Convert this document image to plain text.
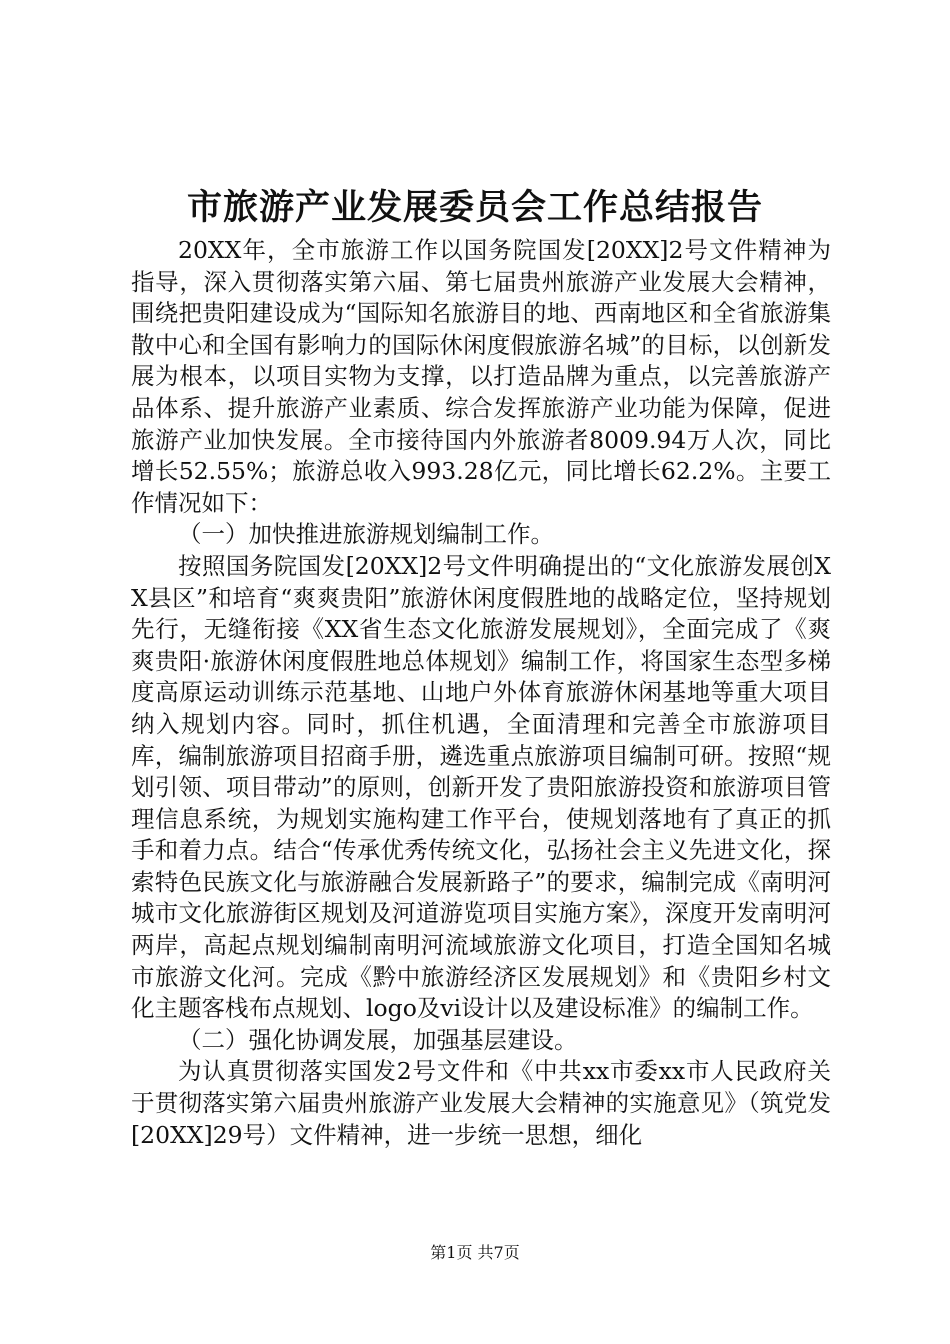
市旅游产业发展委员会工作总结报告

20XX年，全市旅游工作以国务院国发[20XX]2号文件精神为指导，深入贯彻落实第六届、第七届贵州旅游产业发展大会精神，围绕把贵阳建设成为“国际知名旅游目的地、西南地区和全省旅游集散中心和全国有影响力的国际休闲度假旅游名城”的目标，以创新发展为根本，以项目实物为支撑，以打造品牌为重点，以完善旅游产品体系、提升旅游产业素质、综合发挥旅游产业功能为保障，促进旅游产业加快发展。全市接待国内外旅游者8009.94万人次，同比增长52.55%；旅游总收入993.28亿元，同比增长62.2%。主要工作情况如下：

（一）加快推进旅游规划编制工作。

按照国务院国发[20XX]2号文件明确提出的“文化旅游发展创XX县区”和培育“爽爽贵阳”旅游休闲度假胜地的战略定位，坚持规划先行，无缝衔接《XX省生态文化旅游发展规划》，全面完成了《爽爽贵阳·旅游休闲度假胜地总体规划》编制工作，将国家生态型多梯度高原运动训练示范基地、山地户外体育旅游休闲基地等重大项目纳入规划内容。同时，抓住机遇，全面清理和完善全市旅游项目库，编制旅游项目招商手册，遴选重点旅游项目编制可研。按照“规划引领、项目带动”的原则，创新开发了贵阳旅游投资和旅游项目管理信息系统，为规划实施构建工作平台，使规划落地有了真正的抓手和着力点。结合“传承优秀传统文化，弘扬社会主义先进文化，探索特色民族文化与旅游融合发展新路子”的要求，编制完成《南明河城市文化旅游街区规划及河道游览项目实施方案》，深度开发南明河两岸，高起点规划编制南明河流域旅游文化项目，打造全国知名城市旅游文化河。完成《黔中旅游经济区发展规划》和《贵阳乡村文化主题客栈布点规划、logo及vi设计以及建设标准》的编制工作。

（二）强化协调发展，加强基层建设。

为认真贯彻落实国发2号文件和《中共xx市委xx市人民政府关于贯彻落实第六届贵州旅游产业发展大会精神的实施意见》（筑党发[20XX]29号）文件精神，进一步统一思想，细化

第1页 共7页
